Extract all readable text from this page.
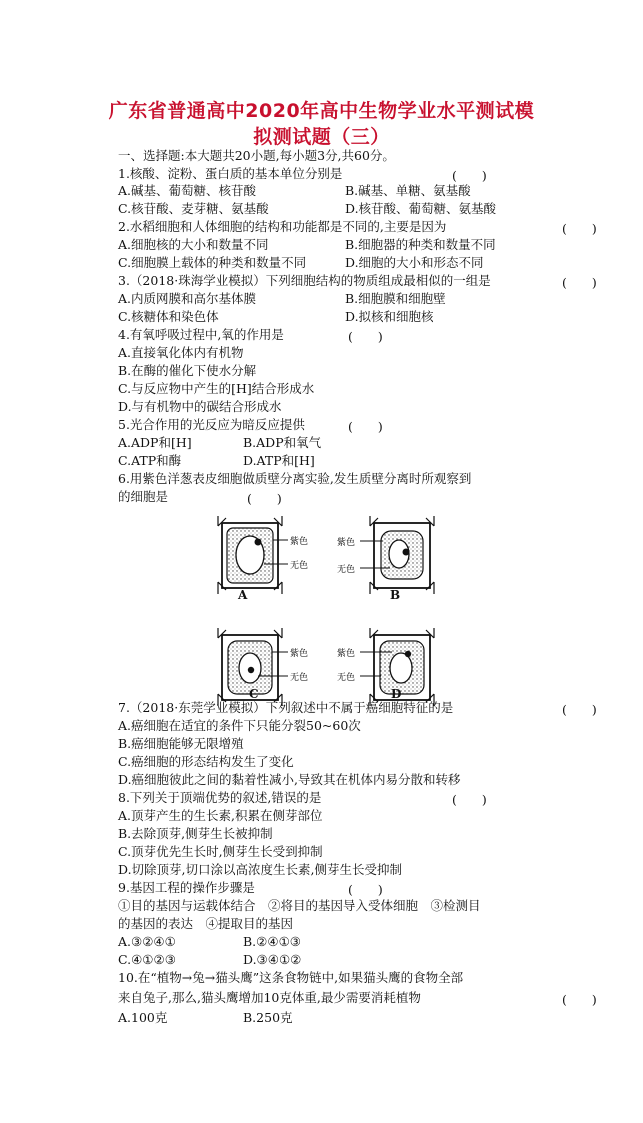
广东省普通高中2020年高中生物学业水平测试模
拟测试题（三）
一、选择题:本大题共20小题,每小题3分,共60分。
1.核酸、淀粉、蛋白质的基本单位分别是	(　　)
A.碱基、葡萄糖、核苷酸	B.碱基、单糖、氨基酸
C.核苷酸、麦芽糖、氨基酸	D.核苷酸、葡萄糖、氨基酸
2.水稻细胞和人体细胞的结构和功能都是不同的,主要是因为	(　　)
A.细胞核的大小和数量不同	B.细胞器的种类和数量不同
C.细胞膜上载体的种类和数量不同	D.细胞的大小和形态不同
3.（2018·珠海学业模拟）下列细胞结构的物质组成最相似的一组是	(　　)
A.内质网膜和高尔基体膜	B.细胞膜和细胞壁
C.核糖体和染色体	D.拟核和细胞核
4.有氧呼吸过程中,氧的作用是	(　　)
A.直接氧化体内有机物
B.在酶的催化下使水分解
C.与反应物中产生的[H]结合形成水
D.与有机物中的碳结合形成水
5.光合作用的光反应为暗反应提供	(　　)
A.ADP和[H]	B.ADP和氧气
C.ATP和酶	D.ATP和[H]
6.用紫色洋葱表皮细胞做质壁分离实验,发生质壁分离时所观察到
的细胞是	(　　)
紫色
无色
紫色
无色
紫色
无色
紫色
无色
A	B
C	D
7.（2018·东莞学业模拟）下列叙述中不属于癌细胞特征的是	(　　)
A.癌细胞在适宜的条件下只能分裂50~60次
B.癌细胞能够无限增殖
C.癌细胞的形态结构发生了变化
D.癌细胞彼此之间的黏着性减小,导致其在机体内易分散和转移
8.下列关于顶端优势的叙述,错误的是	(　　)
A.顶芽产生的生长素,积累在侧芽部位
B.去除顶芽,侧芽生长被抑制
C.顶芽优先生长时,侧芽生长受到抑制
D.切除顶芽,切口涂以高浓度生长素,侧芽生长受抑制
9.基因工程的操作步骤是	(　　)
①目的基因与运载体结合　②将目的基因导入受体细胞　③检测目
的基因的表达　④提取目的基因
A.③②④①	B.②④①③
C.④①②③	D.③④①②
10.在“植物→兔→猫头鹰”这条食物链中,如果猫头鹰的食物全部
来自兔子,那么,猫头鹰增加10克体重,最少需要消耗植物	(　　)
A.100克	B.250克
